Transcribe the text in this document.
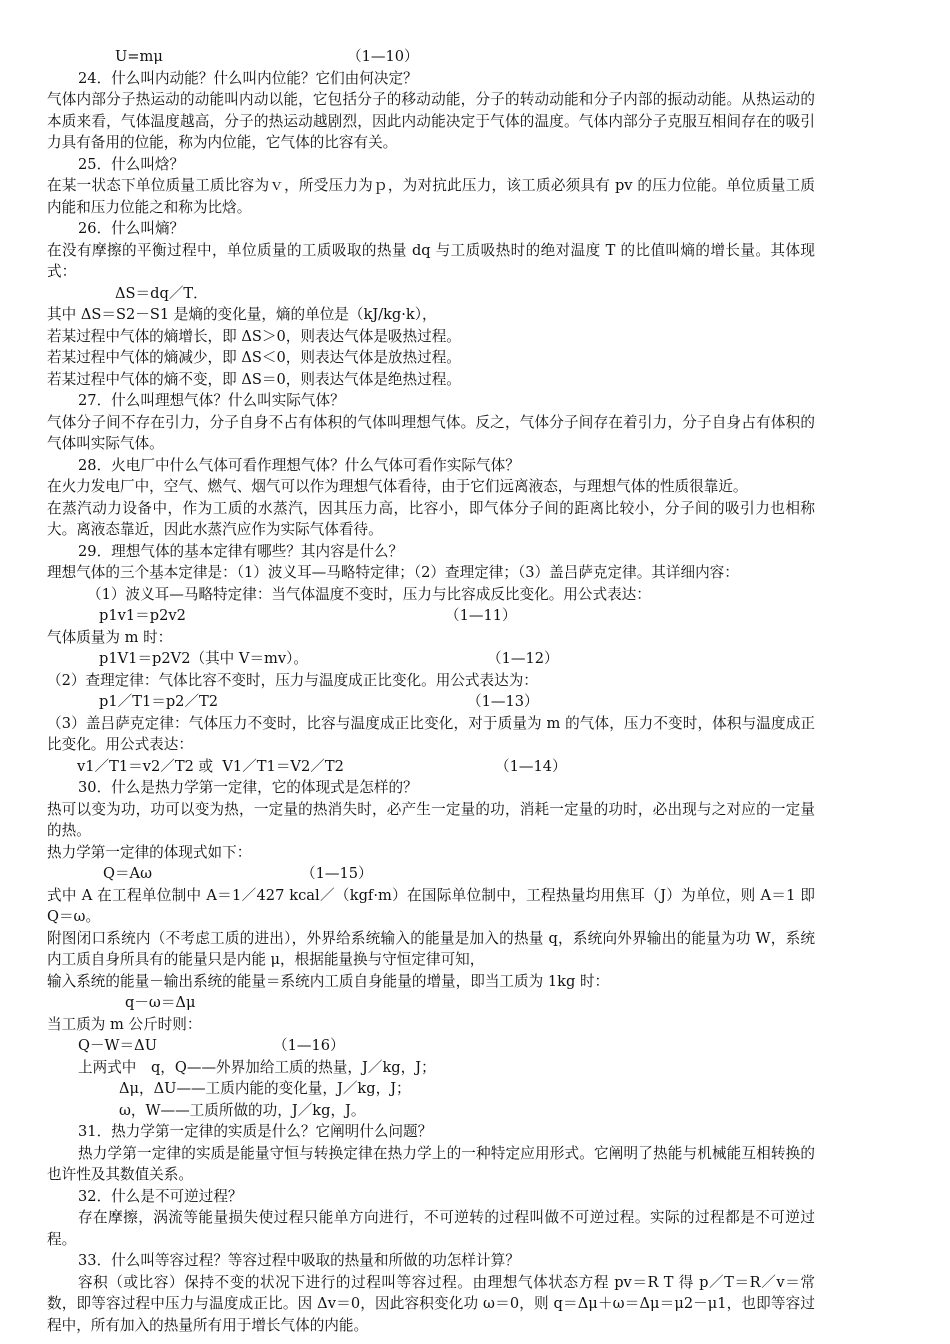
U=mμ	（1—10）
24．什么叫内动能？什么叫内位能？它们由何决定？
气体内部分子热运动的动能叫内动以能，它包括分子的移动动能，分子的转动动能和分子内部的振动动能。从热运动的本质来看，气体温度越高，分子的热运动越剧烈，因此内动能决定于气体的温度。气体内部分子克服互相间存在的吸引力具有备用的位能，称为内位能，它气体的比容有关。
25．什么叫焓？
在某一状态下单位质量工质比容为ｖ，所受压力为ｐ，为对抗此压力，该工质必须具有 pv 的压力位能。单位质量工质内能和压力位能之和称为比焓。
26．什么叫熵？
在没有摩擦的平衡过程中，单位质量的工质吸取的热量 dq 与工质吸热时的绝对温度 T 的比值叫熵的增长量。其体现式：
ΔS＝dq／T．
其中 ΔS＝S2－S1 是熵的变化量，熵的单位是（kJ/kg·k），
若某过程中气体的熵增长，即 ΔS＞0，则表达气体是吸热过程。
若某过程中气体的熵减少，即 ΔS＜0，则表达气体是放热过程。
若某过程中气体的熵不变，即 ΔS＝0，则表达气体是绝热过程。
27．什么叫理想气体？什么叫实际气体？
气体分子间不存在引力，分子自身不占有体积的气体叫理想气体。反之，气体分子间存在着引力，分子自身占有体积的气体叫实际气体。
28．火电厂中什么气体可看作理想气体？什么气体可看作实际气体？
在火力发电厂中，空气、燃气、烟气可以作为理想气体看待，由于它们远离液态，与理想气体的性质很靠近。
在蒸汽动力设备中，作为工质的水蒸汽，因其压力高，比容小，即气体分子间的距离比较小，分子间的吸引力也相称大。离液态靠近，因此水蒸汽应作为实际气体看待。
29．理想气体的基本定律有哪些？其内容是什么？
理想气体的三个基本定律是：（1）波义耳—马略特定律；（2）查理定律；（3）盖吕萨克定律。其详细内容：
（1）波义耳—马略特定律：当气体温度不变时，压力与比容成反比变化。用公式表达：
p1v1＝p2v2	（1—11）
气体质量为 m 时：
p1V1＝p2V2（其中 V＝mv）。	（1—12）
（2）查理定律：气体比容不变时，压力与温度成正比变化。用公式表达为：
p1／T1＝p2／T2	（1—13）
（3）盖吕萨克定律：气体压力不变时，比容与温度成正比变化，对于质量为 m 的气体，压力不变时，体积与温度成正比变化。用公式表达：
v1／T1＝v2／T2 或  V1／T1＝V2／T2	（1—14）
30．什么是热力学第一定律，它的体现式是怎样的？
热可以变为功，功可以变为热，一定量的热消失时，必产生一定量的功，消耗一定量的功时，必出现与之对应的一定量的热。
热力学第一定律的体现式如下：
Q＝Aω	（1—15）
式中 A 在工程单位制中 A＝1／427 kcal／（kgf·m）在国际单位制中，工程热量均用焦耳（J）为单位，则 A＝1 即 Q＝ω。
附图闭口系统内（不考虑工质的进出），外界给系统输入的能量是加入的热量 q，系统向外界输出的能量为功 W，系统内工质自身所具有的能量只是内能 μ，根据能量换与守恒定律可知，
输入系统的能量－输出系统的能量＝系统内工质自身能量的增量，即当工质为 1kg 时：
q－ω＝Δμ
当工质为 m 公斤时则：
Q－W＝ΔU	（1—16）
上两式中　q，Q——外界加给工质的热量，J／kg，J；
Δμ，ΔU——工质内能的变化量，J／kg，J；
ω，W——工质所做的功，J／kg，J。
31．热力学第一定律的实质是什么？它阐明什么问题？
热力学第一定律的实质是能量守恒与转换定律在热力学上的一种特定应用形式。它阐明了热能与机械能互相转换的也许性及其数值关系。
32．什么是不可逆过程？
存在摩擦，涡流等能量损失使过程只能单方向进行，不可逆转的过程叫做不可逆过程。实际的过程都是不可逆过程。
33．什么叫等容过程？等容过程中吸取的热量和所做的功怎样计算？
容积（或比容）保持不变的状况下进行的过程叫等容过程。由理想气体状态方程 pv＝R T 得 p／T＝R／v＝常数，即等容过程中压力与温度成正比。因 Δv＝0，因此容积变化功 ω＝0，则 q＝Δμ＋ω＝Δμ＝μ2－μ1，也即等容过程中，所有加入的热量所有用于增长气体的内能。
